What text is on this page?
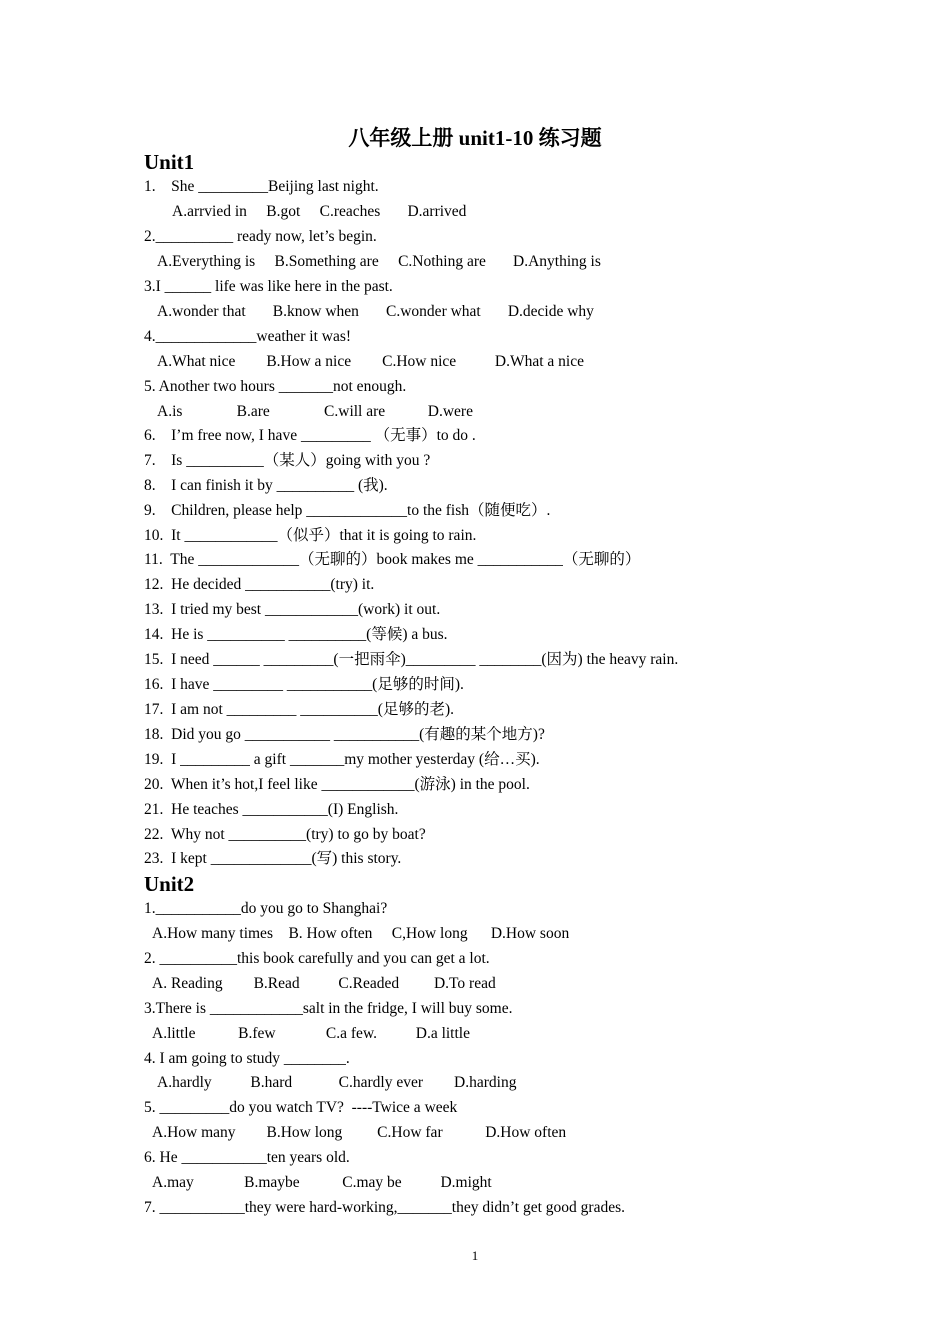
八年级上册 unit1-10 练习题
Unit1
1.    She _________Beijing last night.
A.arrvied in     B.got     C.reaches       D.arrived
2.__________ ready now, let’s begin.
A.Everything is     B.Something are     C.Nothing are       D.Anything is
3.I ______ life was like here in the past.
A.wonder that       B.know when       C.wonder what       D.decide why
4._____________weather it was!
A.What nice        B.How a nice        C.How nice          D.What a nice
5. Another two hours _______not enough.
A.is              B.are              C.will are           D.were
6.    I’m free now, I have _________ （无事）to do .
7.    Is __________（某人）going with you ?
8.    I can finish it by __________ (我).
9.    Children, please help _____________to the fish（随便吃）.
10.  It ____________（似乎）that it is going to rain.
11.  The _____________（无聊的）book makes me ___________（无聊的）
12.  He decided ___________(try) it.
13.  I tried my best ____________(work) it out.
14.  He is __________ __________(等候) a bus.
15.  I need ______ _________(一把雨伞)_________ ________(因为) the heavy rain.
16.  I have _________ ___________(足够的时间).
17.  I am not _________ __________(足够的老).
18.  Did you go ___________ ___________(有趣的某个地方)?
19.  I _________ a gift _______my mother yesterday (给…买).
20.  When it’s hot,I feel like ____________(游泳) in the pool.
21.  He teaches ___________(I) English.
22.  Why not __________(try) to go by boat?
23.  I kept _____________(写) this story.
Unit2
1.___________do you go to Shanghai?
A.How many times    B. How often     C,How long      D.How soon
2. __________this book carefully and you can get a lot.
A. Reading        B.Read          C.Readed         D.To read
3.There is ____________salt in the fridge, I will buy some.
A.little           B.few             C.a few.          D.a little
4. I am going to study ________.
A.hardly          B.hard            C.hardly ever        D.harding
5. _________do you watch TV?  ----Twice a week
A.How many        B.How long         C.How far           D.How often
6. He ___________ten years old.
A.may             B.maybe           C.may be          D.might
7. ___________they were hard-working,_______they didn’t get good grades.
1
